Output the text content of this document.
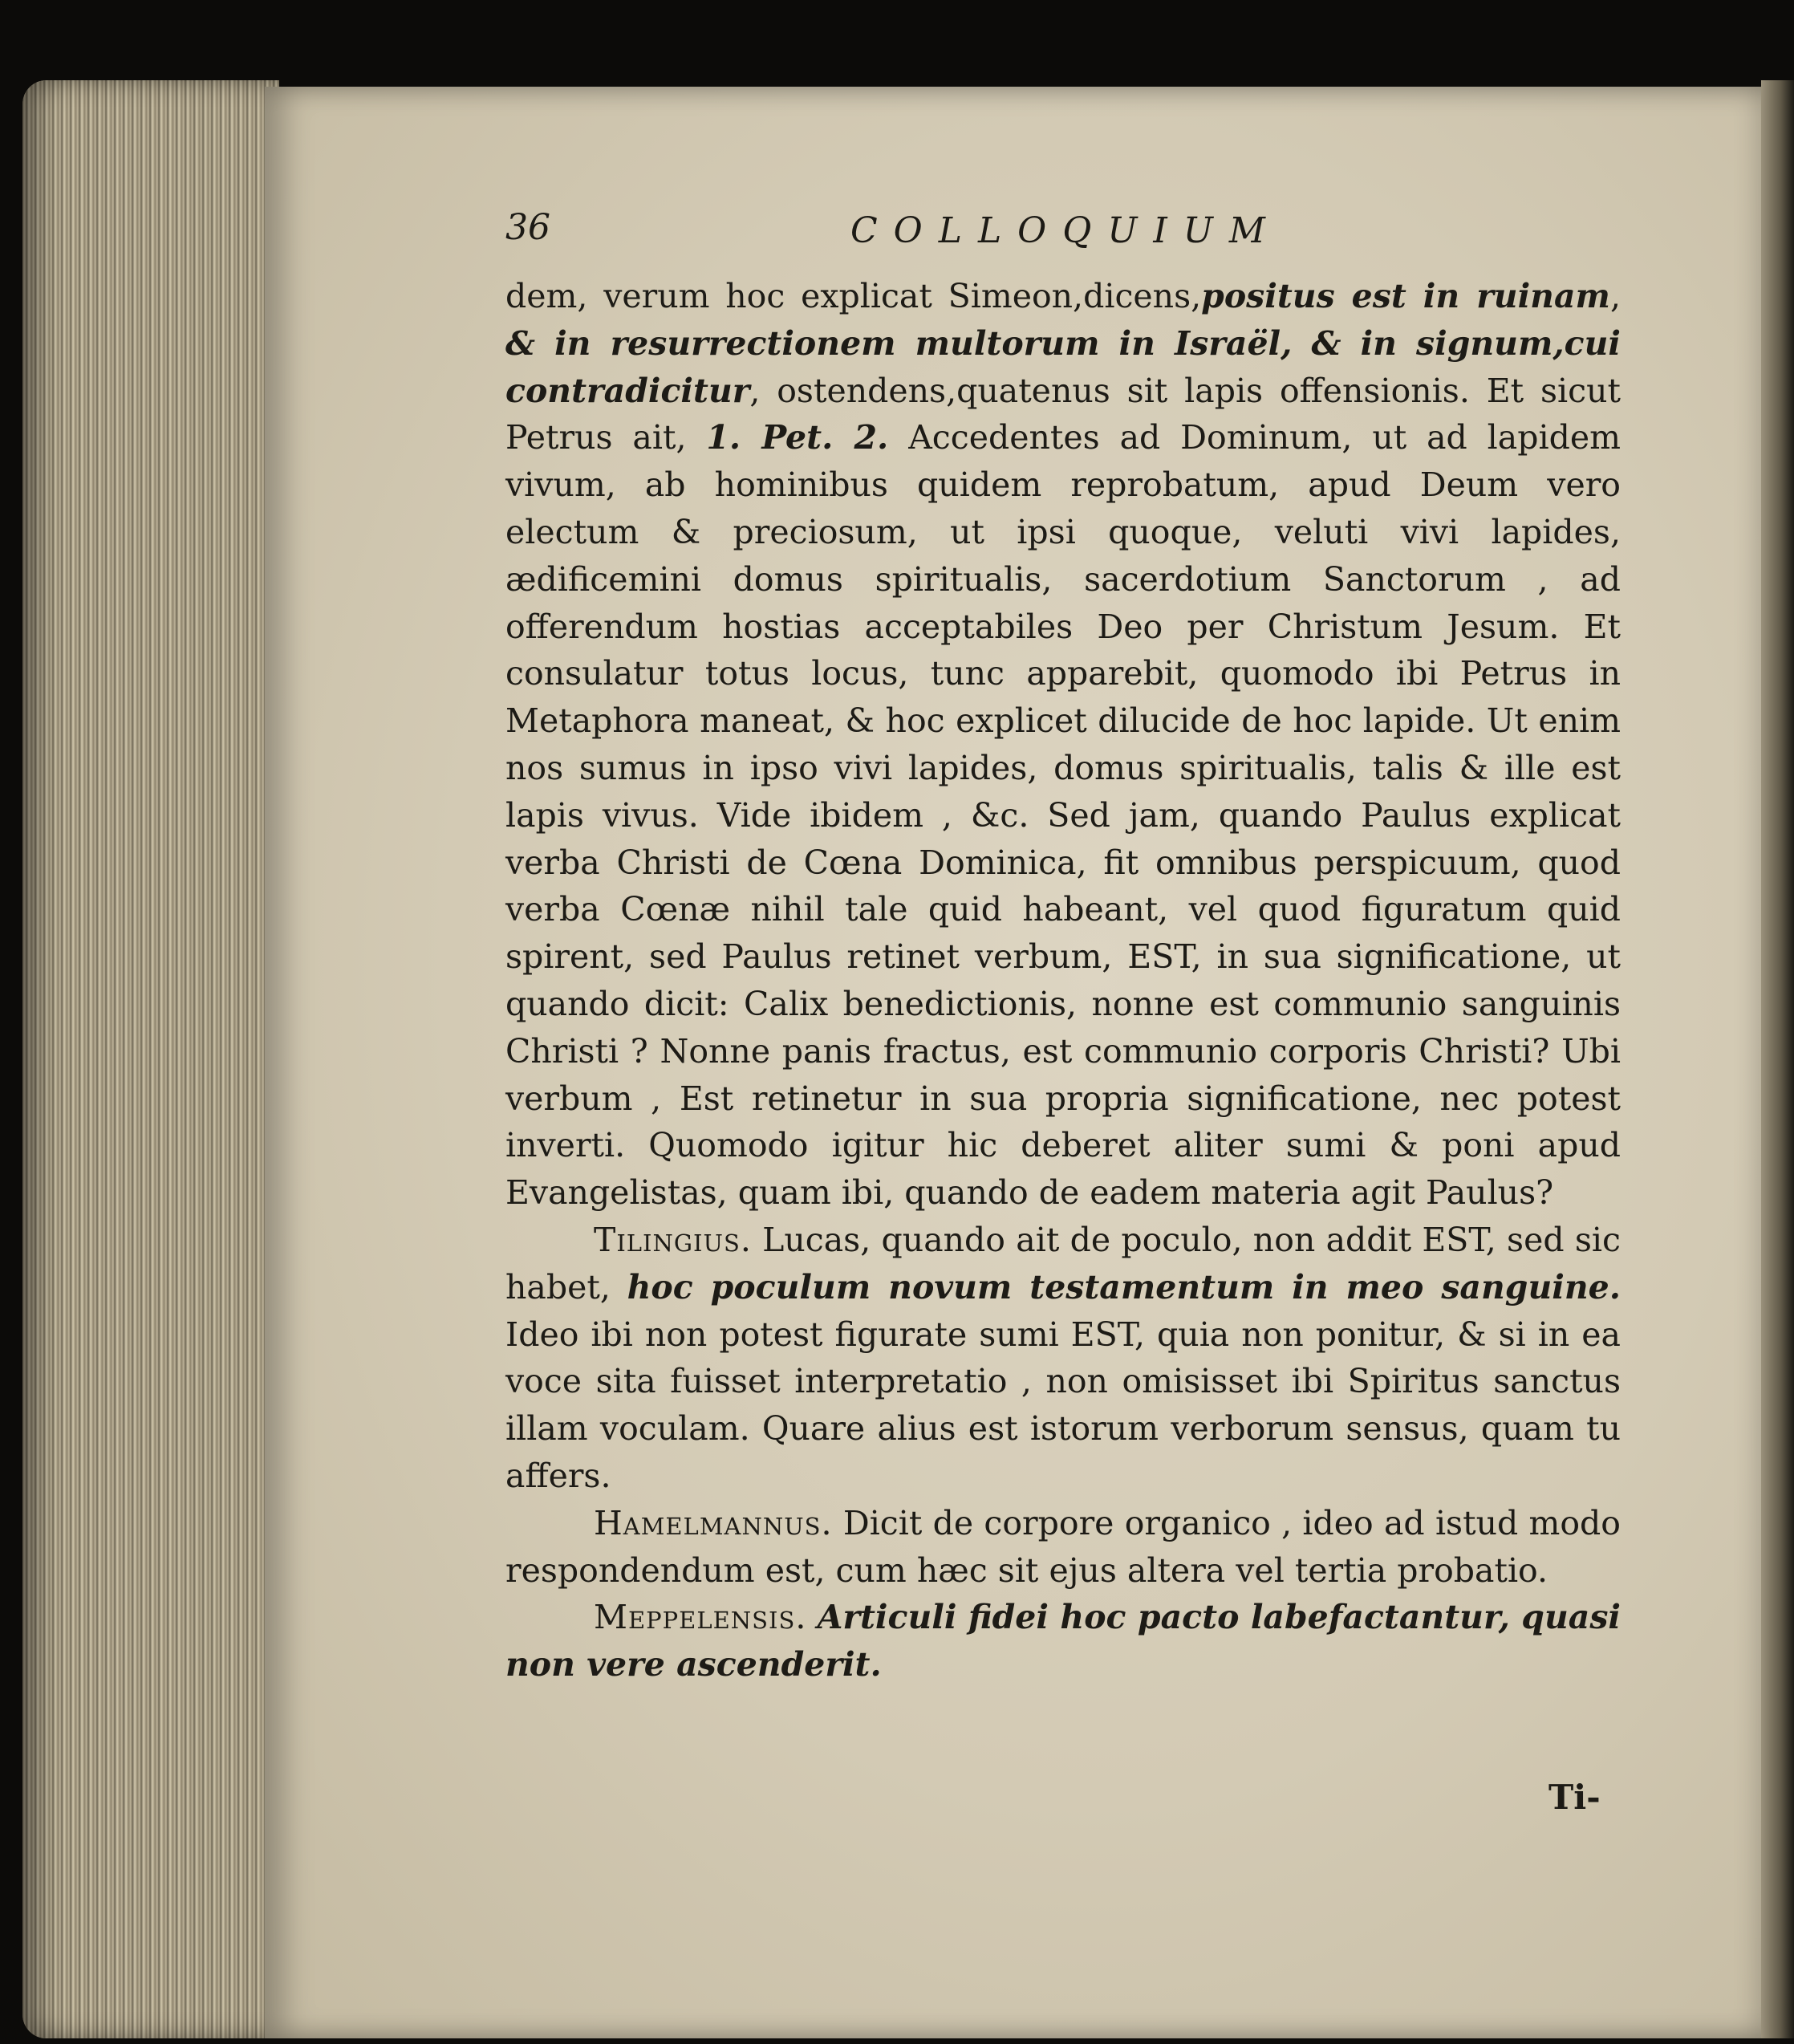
36	COLLOQUIUM

dem, verum hoc explicat Simeon,dicens,positus est in ruinam, & in resurrectionem multorum in Israël, & in signum,cui contradicitur, ostendens,quatenus sit lapis offensionis. Et sicut Petrus ait, 1. Pet. 2. Accedentes ad Dominum, ut ad lapidem vivum, ab hominibus quidem reprobatum, apud Deum vero electum & preciosum, ut ipsi quoque, veluti vivi lapides, ædificemini domus spiritualis, sacerdotium Sanctorum , ad offerendum hostias acceptabiles Deo per Christum Jesum. Et consulatur totus locus, tunc apparebit, quomodo ibi Petrus in Metaphora maneat, & hoc explicet dilucide de hoc lapide. Ut enim nos sumus in ipso vivi lapides, domus spiritualis, talis & ille est lapis vivus. Vide ibidem , &c. Sed jam, quando Paulus explicat verba Christi de Cœna Dominica, fit omnibus perspicuum, quod verba Cœnæ nihil tale quid habeant, vel quod figuratum quid spirent, sed Paulus retinet verbum, EST, in sua significatione, ut quando dicit: Calix benedictionis, nonne est communio sanguinis Christi ? Nonne panis fractus, est communio corporis Christi? Ubi verbum , Est retinetur in sua propria significatione, nec potest inverti. Quomodo igitur hic deberet aliter sumi & poni apud Evangelistas, quam ibi, quando de eadem materia agit Paulus?

Tilingius. Lucas, quando ait de poculo, non addit EST, sed sic habet, hoc poculum novum testamentum in meo sanguine. Ideo ibi non potest figurate sumi EST, quia non ponitur, & si in ea voce sita fuisset interpretatio , non omisisset ibi Spiritus sanctus illam voculam. Quare alius est istorum verborum sensus, quam tu affers.

Hamelmannus. Dicit de corpore organico , ideo ad istud modo respondendum est, cum hæc sit ejus altera vel tertia probatio.

Meppelensis. Articuli fidei hoc pacto labefactantur, quasi non vere ascenderit.

Ti-
